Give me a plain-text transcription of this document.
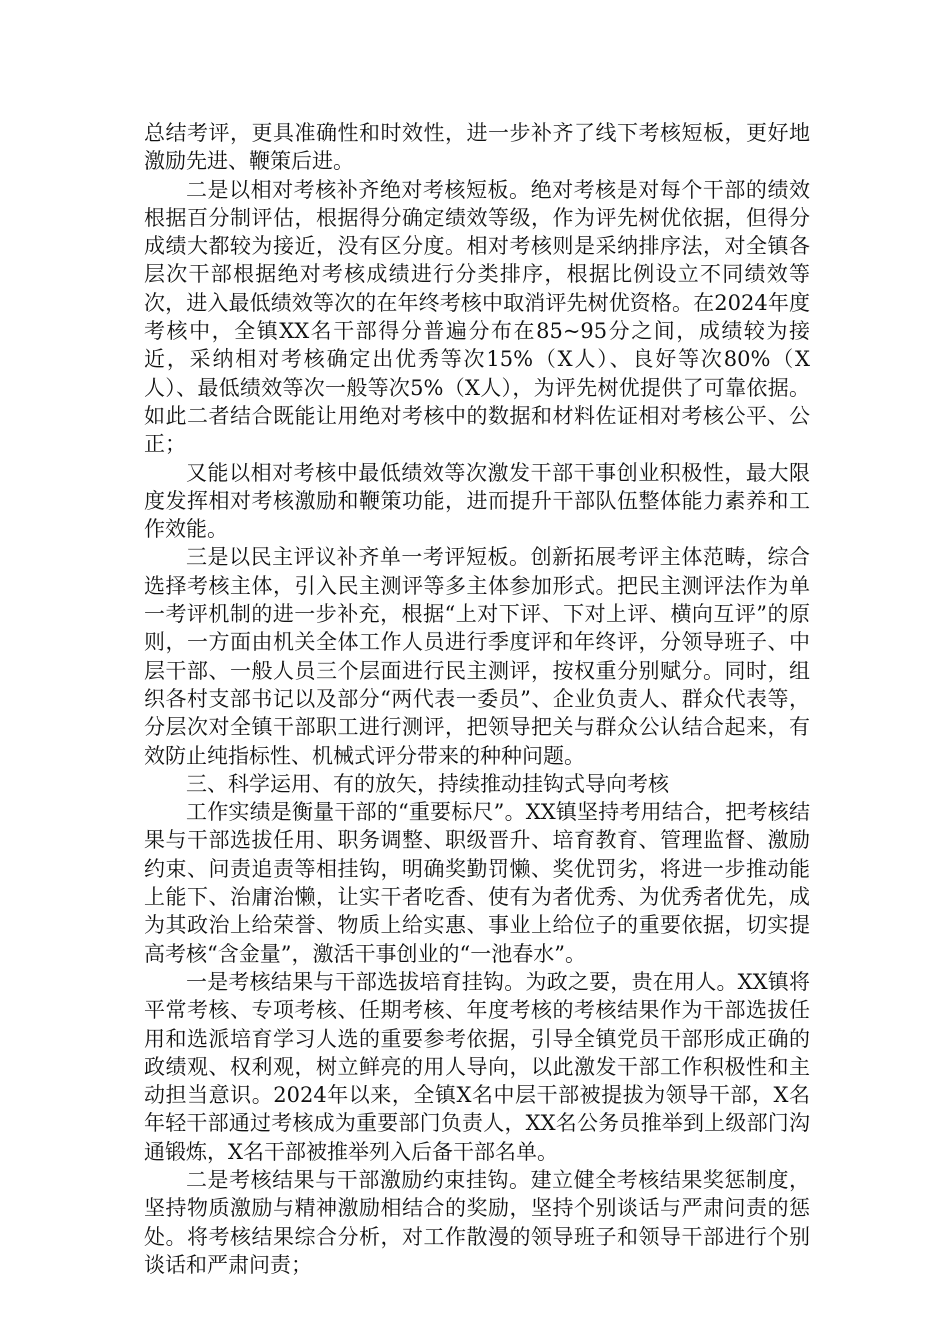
总结考评，更具准确性和时效性，进一步补齐了线下考核短板，更好地激励先进、鞭策后进。

二是以相对考核补齐绝对考核短板。绝对考核是对每个干部的绩效根据百分制评估，根据得分确定绩效等级，作为评先树优依据，但得分成绩大都较为接近，没有区分度。相对考核则是采纳排序法，对全镇各层次干部根据绝对考核成绩进行分类排序，根据比例设立不同绩效等次，进入最低绩效等次的在年终考核中取消评先树优资格。在2024年度考核中，全镇XX名干部得分普遍分布在85~95分之间，成绩较为接近，采纳相对考核确定出优秀等次15%（X人）、良好等次80%（X人）、最低绩效等次一般等次5%（X人），为评先树优提供了可靠依据。如此二者结合既能让用绝对考核中的数据和材料佐证相对考核公平、公正；

又能以相对考核中最低绩效等次激发干部干事创业积极性，最大限度发挥相对考核激励和鞭策功能，进而提升干部队伍整体能力素养和工作效能。

三是以民主评议补齐单一考评短板。创新拓展考评主体范畴，综合选择考核主体，引入民主测评等多主体参加形式。把民主测评法作为单一考评机制的进一步补充，根据“上对下评、下对上评、横向互评”的原则，一方面由机关全体工作人员进行季度评和年终评，分领导班子、中层干部、一般人员三个层面进行民主测评，按权重分别赋分。同时，组织各村支部书记以及部分“两代表一委员”、企业负责人、群众代表等，分层次对全镇干部职工进行测评，把领导把关与群众公认结合起来，有效防止纯指标性、机械式评分带来的种种问题。

三、科学运用、有的放矢，持续推动挂钩式导向考核

工作实绩是衡量干部的“重要标尺”。XX镇坚持考用结合，把考核结果与干部选拔任用、职务调整、职级晋升、培育教育、管理监督、激励约束、问责追责等相挂钩，明确奖勤罚懒、奖优罚劣，将进一步推动能上能下、治庸治懒，让实干者吃香、使有为者优秀、为优秀者优先，成为其政治上给荣誉、物质上给实惠、事业上给位子的重要依据，切实提高考核“含金量”，激活干事创业的“一池春水”。

一是考核结果与干部选拔培育挂钩。为政之要，贵在用人。XX镇将平常考核、专项考核、任期考核、年度考核的考核结果作为干部选拔任用和选派培育学习人选的重要参考依据，引导全镇党员干部形成正确的政绩观、权利观，树立鲜亮的用人导向，以此激发干部工作积极性和主动担当意识。2024年以来，全镇X名中层干部被提拔为领导干部，X名年轻干部通过考核成为重要部门负责人，XX名公务员推举到上级部门沟通锻炼，X名干部被推举列入后备干部名单。

二是考核结果与干部激励约束挂钩。建立健全考核结果奖惩制度，坚持物质激励与精神激励相结合的奖励，坚持个别谈话与严肃问责的惩处。将考核结果综合分析，对工作散漫的领导班子和领导干部进行个别谈话和严肃问责；
